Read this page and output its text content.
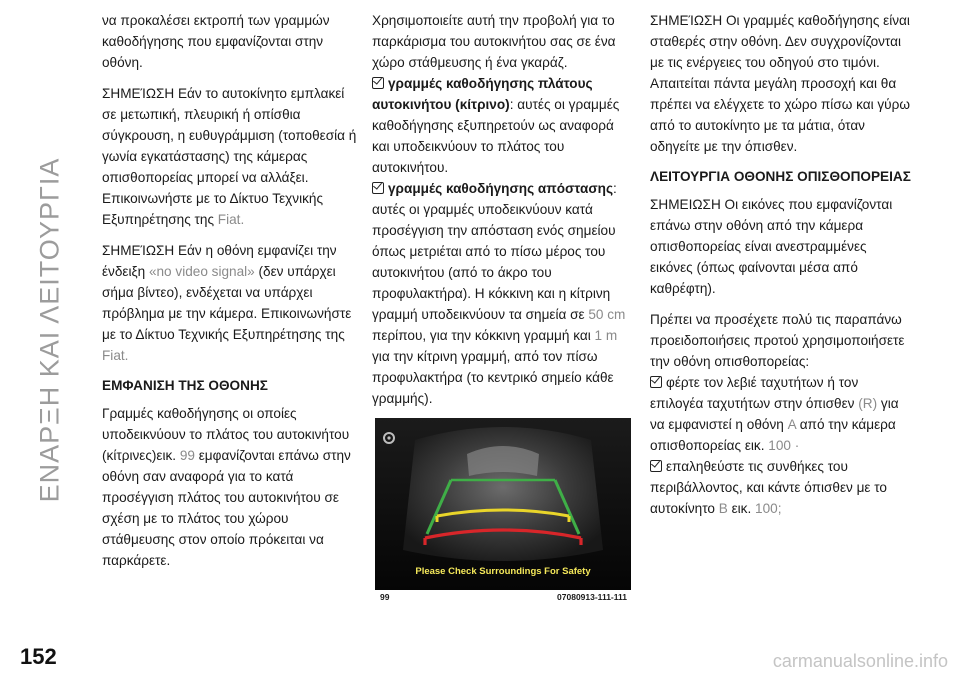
ΕΝΑΡΞΗ ΚΑΙ ΛΕΙΤΟΥΡΓΙΑ

να προκαλέσει εκτροπή των γραμμών καθοδήγησης που εμφανίζονται στην οθόνη.

ΣΗΜΕΊΩΣΗ Εάν το αυτοκίνητο εμπλακεί σε μετωπική, πλευρική ή οπίσθια σύγκρουση, η ευθυγράμμιση (τοποθεσία ή γωνία εγκατάστασης) της κάμερας οπισθοπορείας μπορεί να αλλάξει. Επικοινωνήστε με το Δίκτυο Τεχνικής Εξυπηρέτησης της Fiat.

ΣΗΜΕΊΩΣΗ Εάν η οθόνη εμφανίζει την ένδειξη «no video signal» (δεν υπάρχει σήμα βίντεο), ενδέχεται να υπάρχει πρόβλημα με την κάμερα. Επικοινωνήστε με το Δίκτυο Τεχνικής Εξυπηρέτησης της Fiat.

ΕΜΦΑΝΙΣΗ ΤΗΣ ΟΘΟΝΗΣ

Γραμμές καθοδήγησης οι οποίες υποδεικνύουν το πλάτος του αυτοκινήτου (κίτρινες)εικ. 99 εμφανίζονται επάνω στην οθόνη σαν αναφορά για το κατά προσέγγιση πλάτος του αυτοκινήτου σε σχέση με το πλάτος του χώρου στάθμευσης στον οποίο πρόκειται να παρκάρετε.

Χρησιμοποιείτε αυτή την προβολή για το παρκάρισμα του αυτοκινήτου σας σε ένα χώρο στάθμευσης ή ένα γκαράζ.

γραμμές καθοδήγησης πλάτους αυτοκινήτου (κίτρινο): αυτές οι γραμμές καθοδήγησης εξυπηρετούν ως αναφορά και υποδεικνύουν το πλάτος του αυτοκινήτου.
γραμμές καθοδήγησης απόστασης: αυτές οι γραμμές υποδεικνύουν κατά προσέγγιση την απόσταση ενός σημείου όπως μετριέται από το πίσω μέρος του αυτοκινήτου (από το άκρο του προφυλακτήρα). Η κόκκινη και η κίτρινη γραμμή υποδεικνύουν τα σημεία σε 50 cm περίπου, για την κόκκινη γραμμή και 1 m για την κίτρινη γραμμή, από τον πίσω προφυλακτήρα (το κεντρικό σημείο κάθε γραμμής).
Please Check Surroundings For Safety
99	07080913-111-111

ΣΗΜΕΊΩΣΗ Οι γραμμές καθοδήγησης είναι σταθερές στην οθόνη. Δεν συγχρονίζονται με τις ενέργειες του οδηγού στο τιμόνι. Απαιτείται πάντα μεγάλη προσοχή και θα πρέπει να ελέγχετε το χώρο πίσω και γύρω από το αυτοκίνητο με τα μάτια, όταν οδηγείτε με την όπισθεν.

ΛΕΙΤΟΥΡΓΙΑ ΟΘΟΝΗΣ ΟΠΙΣΘΟΠΟΡΕΙΑΣ

ΣΗΜΕΙΩΣΗ Οι εικόνες που εμφανίζονται επάνω στην οθόνη από την κάμερα οπισθοπορείας είναι ανεστραμμένες εικόνες (όπως φαίνονται μέσα από καθρέφτη).

Πρέπει να προσέχετε πολύ τις παραπάνω προειδοποιήσεις προτού χρησιμοποιήσετε την οθόνη οπισθοπορείας:

φέρτε τον λεβιέ ταχυτήτων ή τον επιλογέα ταχυτήτων στην όπισθεν (R) για να εμφανιστεί η οθόνη A από την κάμερα οπισθοπορείας εικ. 100 ·
επαληθεύστε τις συνθήκες του περιβάλλοντος, και κάντε όπισθεν με το αυτοκίνητο B εικ. 100;
152	carmanualsonline.info
